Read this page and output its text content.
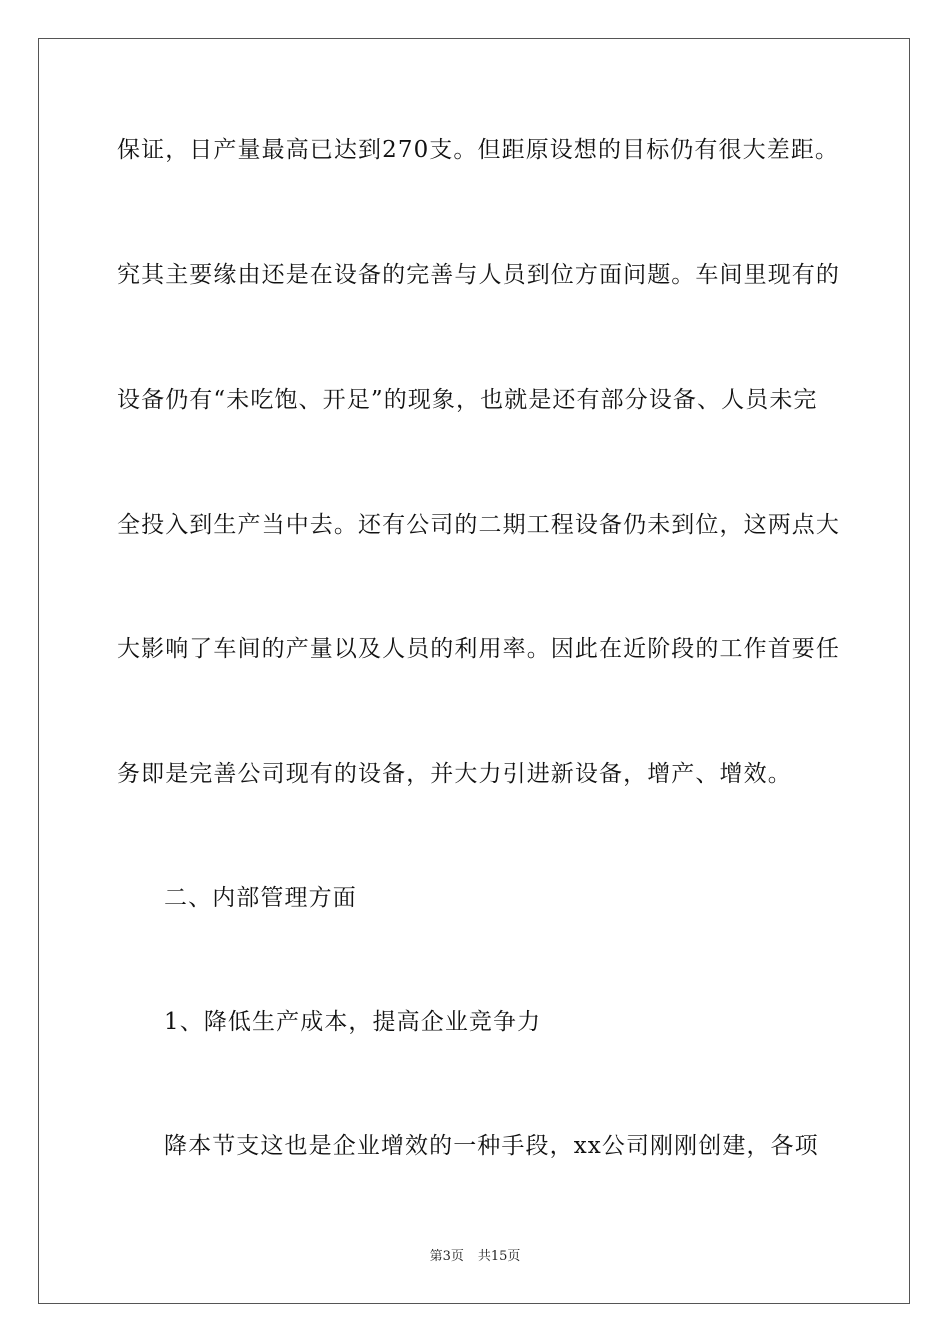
保证，日产量最高已达到270支。但距原设想的目标仍有很大差距。
究其主要缘由还是在设备的完善与人员到位方面问题。车间里现有的
设备仍有“未吃饱、开足”的现象，也就是还有部分设备、人员未完
全投入到生产当中去。还有公司的二期工程设备仍未到位，这两点大
大影响了车间的产量以及人员的利用率。因此在近阶段的工作首要任
务即是完善公司现有的设备，并大力引进新设备，增产、增效。
二、内部管理方面
1、降低生产成本，提高企业竞争力
降本节支这也是企业增效的一种手段，xx公司刚刚创建，各项
第3页 共15页
